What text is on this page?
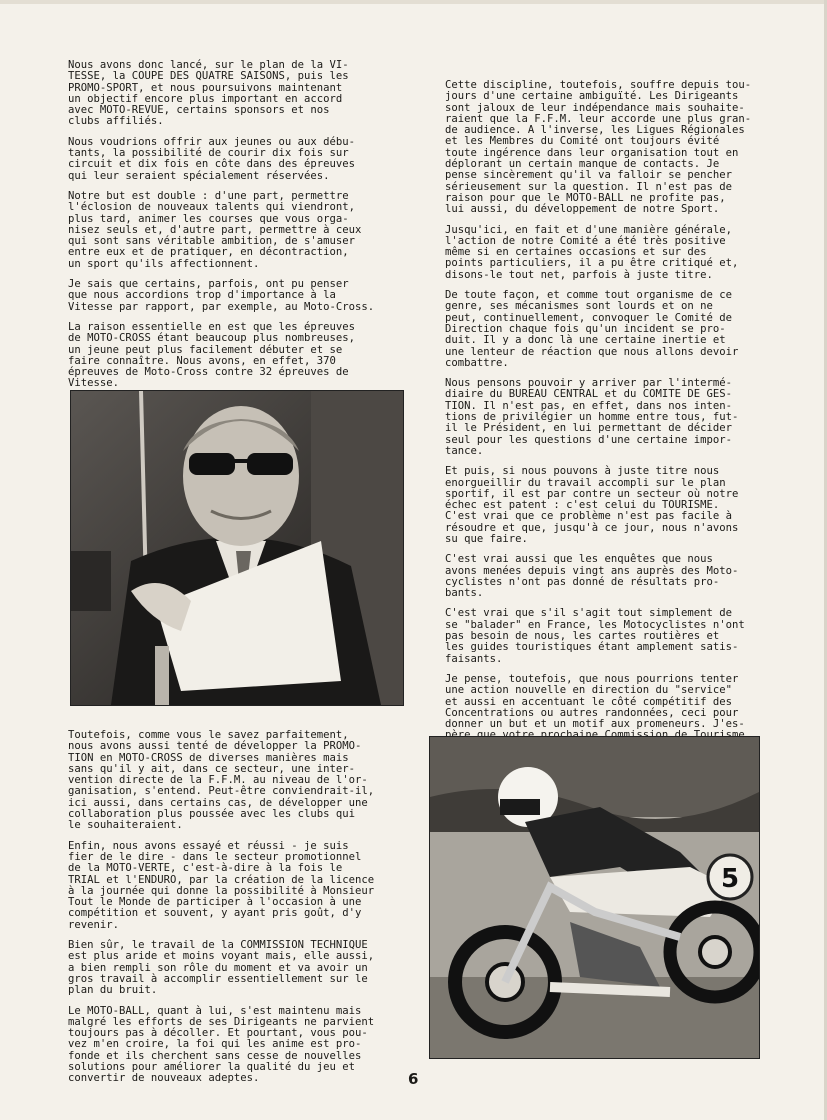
Nous avons donc lancé, sur le plan de la VI-
TESSE, la COUPE DES QUATRE SAISONS, puis les
PROMO-SPORT, et nous poursuivons maintenant
un objectif encore plus important en accord
avec MOTO-REVUE, certains sponsors et nos
clubs affiliés.

Nous voudrions offrir aux jeunes ou aux débu-
tants, la possibilité de courir dix fois sur
circuit et dix fois en côte dans des épreuves
qui leur seraient spécialement réservées.

Notre but est double : d'une part, permettre
l'éclosion de nouveaux talents qui viendront,
plus tard, animer les courses que vous orga-
nisez seuls et, d'autre part, permettre à ceux
qui sont sans véritable ambition, de s'amuser
entre eux et de pratiquer, en décontraction,
un sport qu'ils affectionnent.

Je sais que certains, parfois, ont pu penser
que nous accordions trop d'importance à la
Vitesse par rapport, par exemple, au Moto-Cross.

La raison essentielle en est que les épreuves
de MOTO-CROSS étant beaucoup plus nombreuses,
un jeune peut plus facilement débuter et se
faire connaître. Nous avons, en effet, 370
épreuves de Moto-Cross contre 32 épreuves de
Vitesse.

Toutefois, comme vous le savez parfaitement,
nous avons aussi tenté de développer la PROMO-
TION en MOTO-CROSS de diverses manières mais
sans qu'il y ait, dans ce secteur, une inter-
vention directe de la F.F.M. au niveau de l'or-
ganisation, s'entend. Peut-être conviendrait-il,
ici aussi, dans certains cas, de développer une
collaboration plus poussée avec les clubs qui
le souhaiteraient.

Enfin, nous avons essayé et réussi - je suis
fier de le dire - dans le secteur promotionnel
de la MOTO-VERTE, c'est-à-dire à la fois le
TRIAL et l'ENDURO, par la création de la licence
à la journée qui donne la possibilité à Monsieur
Tout le Monde de participer à l'occasion à une
compétition et souvent, y ayant pris goût, d'y
revenir.

Bien sûr, le travail de la COMMISSION TECHNIQUE
est plus aride et moins voyant mais, elle aussi,
a bien rempli son rôle du moment et va avoir un
gros travail à accomplir essentiellement sur le
plan du bruit.

Le MOTO-BALL, quant à lui, s'est maintenu mais
malgré les efforts de ses Dirigeants ne parvient
toujours pas à décoller. Et pourtant, vous pou-
vez m'en croire, la foi qui les anime est pro-
fonde et ils cherchent sans cesse de nouvelles
solutions pour améliorer la qualité du jeu et
convertir de nouveaux adeptes.

Cette discipline, toutefois, souffre depuis tou-
jours d'une certaine ambiguïté. Les Dirigeants
sont jaloux de leur indépendance mais souhaite-
raient que la F.F.M. leur accorde une plus gran-
de audience. A l'inverse, les Ligues Régionales
et les Membres du Comité ont toujours évité
toute ingérence dans leur organisation tout en
déplorant un certain manque de contacts. Je
pense sincèrement qu'il va falloir se pencher
sérieusement sur la question. Il n'est pas de
raison pour que le MOTO-BALL ne profite pas,
lui aussi, du développement de notre Sport.

Jusqu'ici, en fait et d'une manière générale,
l'action de notre Comité a été très positive
même si en certaines occasions et sur des
points particuliers, il a pu être critiqué et,
disons-le tout net, parfois à juste titre.

De toute façon, et comme tout organisme de ce
genre, ses mécanismes sont lourds et on ne
peut, continuellement, convoquer le Comité de
Direction chaque fois qu'un incident se pro-
duit. Il y a donc là une certaine inertie et
une lenteur de réaction que nous allons devoir
combattre.

Nous pensons pouvoir y arriver par l'intermé-
diaire du BUREAU CENTRAL et du COMITE DE GES-
TION. Il n'est pas, en effet, dans nos inten-
tions de privilégier un homme entre tous, fut-
il le Président, en lui permettant de décider
seul pour les questions d'une certaine impor-
tance.

Et puis, si nous pouvons à juste titre nous
enorgueillir du travail accompli sur le plan
sportif, il est par contre un secteur où notre
échec est patent : c'est celui du TOURISME.
C'est vrai que ce problème n'est pas facile à
résoudre et que, jusqu'à ce jour, nous n'avons
su que faire.

C'est vrai aussi que les enquêtes que nous
avons menées depuis vingt ans auprès des Moto-
cyclistes n'ont pas donné de résultats pro-
bants.

C'est vrai que s'il s'agit tout simplement de
se "balader" en France, les Motocyclistes n'ont
pas besoin de nous, les cartes routières et
les guides touristiques étant amplement satis-
faisants.

Je pense, toutefois, que nous pourrions tenter
une action nouvelle en direction du "service"
et aussi en accentuant le côté compétitif des
Concentrations ou autres randonnées, ceci pour
donner un but et un motif aux promeneurs. J'es-

5
6
